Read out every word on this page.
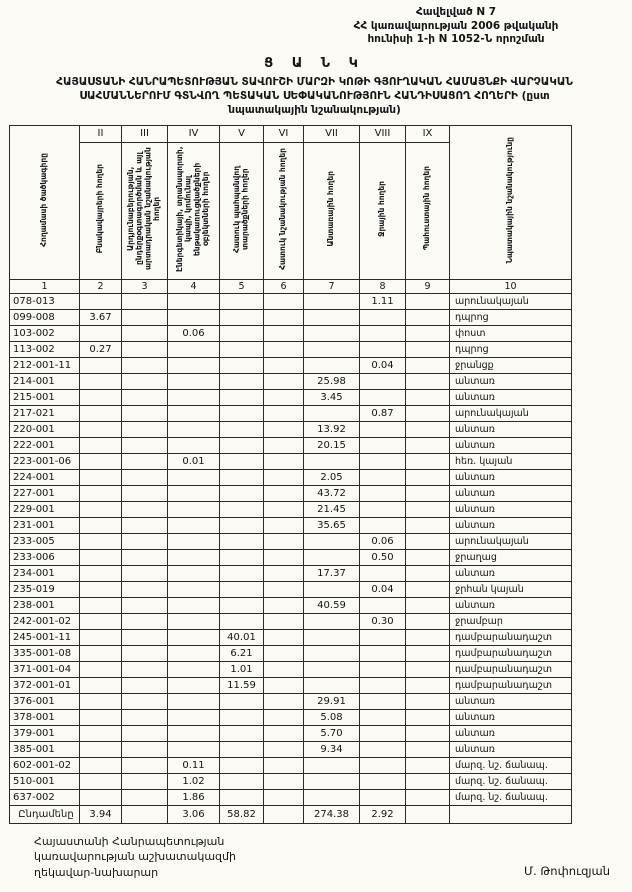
Հավելված N 7
ՀՀ կառավարության 2006 թվականի
հունիսի 1-ի N 1052-Ն որոշման
Ց Ա Ն Կ
ՀԱՅԱՍՏԱՆԻ ՀԱՆՐԱՊԵՏՈՒԹՅԱՆ ՏԱՎՈՒՇԻ ՄԱՐԶԻ ԿՈԹԻ ԳՅՈՒՂԱԿԱՆ ՀԱՄԱՅՆՔԻ ՎԱՐՉԱԿԱՆ
ՍԱՀՄԱՆՆԵՐՈՒՄ ԳՏՆՎՈՂ ՊԵՏԱԿԱՆ ՍԵՓԱԿԱՆՈՒԹՅՈՒՆ ՀԱՆԴԻՍԱՑՈՂ ՀՈՂԵՐԻ (ըստ
նպատակային նշանակության)
Հողամասի ծածկագիրը	II	III	IV	V	VI	VII	VIII	IX	Նպատակային նշանակությունը
	Բնակավայրերի հողեր	Արդյունաբերության, ընդերքօգտագործման և այլ արտադրական նշանակության հողեր	Էներգետիկայի, տրանսպորտի, կապի, կոմունալ ենթակառուցվածքների օբյեկտների հողեր	Հատուկ պահպանվող տարածքների հողեր	Հատուկ նշանակության հողեր	Անտառային հողեր	Ջրային հողեր	Պահուստային հողեր	
1	2	3	4	5	6	7	8	9	10
078-013							1.11		արունակայան
099-008	3.67								դպրոց
103-002			0.06						փոստ
113-002	0.27								դպրոց
212-001-11							0.04		ջրանցք
214-001						25.98			անտառ
215-001						3.45			անտառ
217-021							0.87		արունակայան
220-001						13.92			անտառ
222-001						20.15			անտառ
223-001-06			0.01						հեռ. կայան
224-001						2.05			անտառ
227-001						43.72			անտառ
229-001						21.45			անտառ
231-001						35.65			անտառ
233-005							0.06		արունակայան
233-006							0.50		ջրաղաց
234-001						17.37			անտառ
235-019							0.04		ջրհան կայան
238-001						40.59			անտառ
242-001-02							0.30		ջրամբար
245-001-11				40.01					դամբարանադաշտ
335-001-08				6.21					դամբարանադաշտ
371-001-04				1.01					դամբարանադաշտ
372-001-01				11.59					դամբարանադաշտ
376-001						29.91			անտառ
378-001						5.08			անտառ
379-001						5.70			անտառ
385-001						9.34			անտառ
602-001-02			0.11						մարզ. նշ. ճանապ.
510-001			1.02						մարզ. նշ. ճանապ.
637-002			1.86						մարզ. նշ. ճանապ.
Ընդամենը	3.94		3.06	58.82		274.38	2.92		
Հայաստանի Հանրապետության
կառավարության աշխատակազմի
ղեկավար-նախարար	Մ. Թոփուզյան
